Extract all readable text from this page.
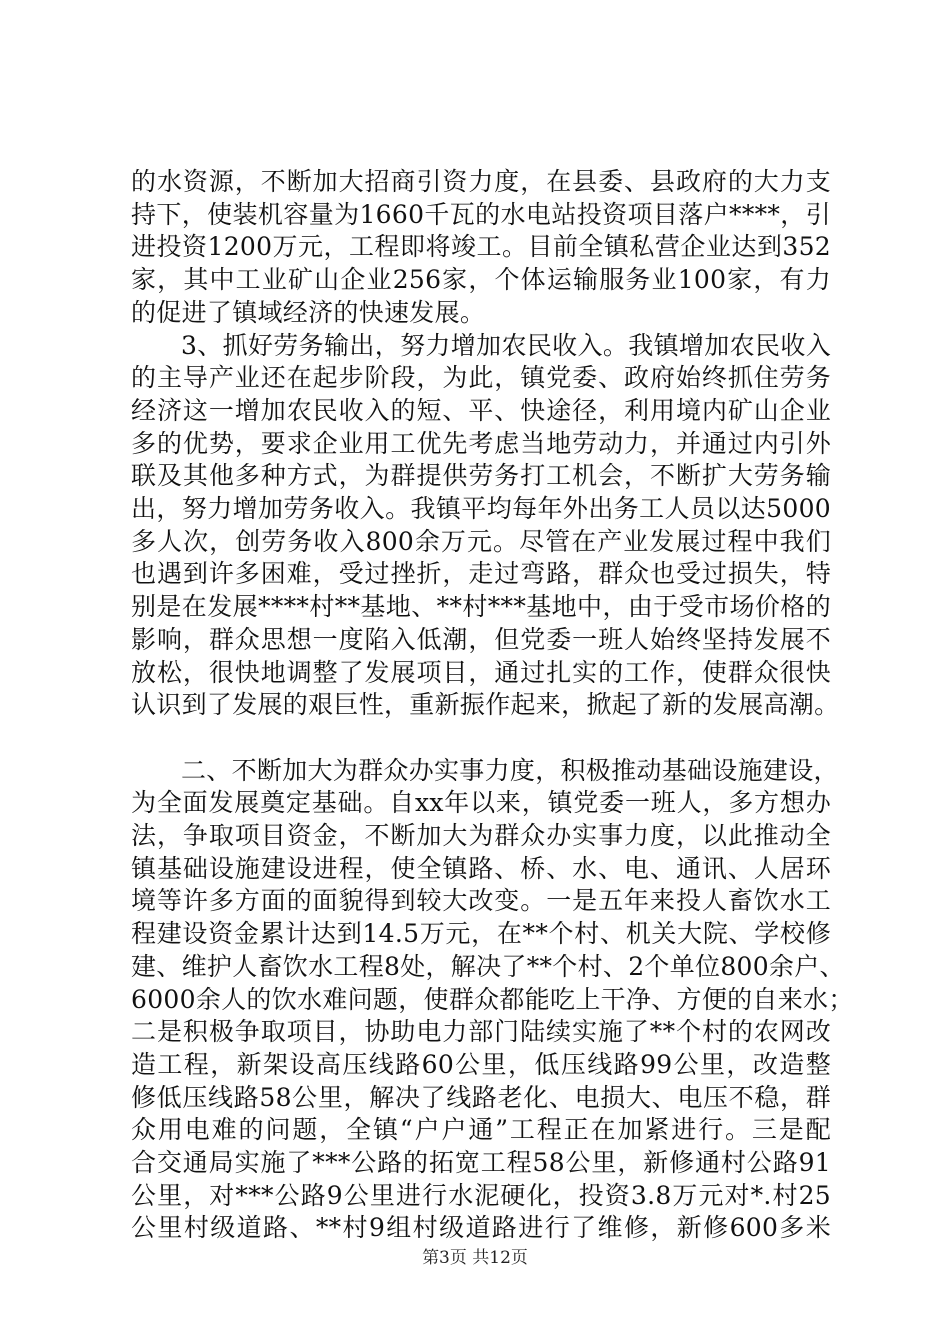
的水资源，不断加大招商引资力度，在县委、县政府的大力支
持下，使装机容量为1660千瓦的水电站投资项目落户****，引
进投资1200万元，工程即将竣工。目前全镇私营企业达到352
家，其中工业矿山企业256家，个体运输服务业100家，有力
的促进了镇域经济的快速发展。
3、抓好劳务输出，努力增加农民收入。我镇增加农民收入
的主导产业还在起步阶段，为此，镇党委、政府始终抓住劳务
经济这一增加农民收入的短、平、快途径，利用境内矿山企业
多的优势，要求企业用工优先考虑当地劳动力，并通过内引外
联及其他多种方式，为群提供劳务打工机会，不断扩大劳务输
出，努力增加劳务收入。我镇平均每年外出务工人员以达5000
多人次，创劳务收入800余万元。尽管在产业发展过程中我们
也遇到许多困难，受过挫折，走过弯路，群众也受过损失，特
别是在发展****村**基地、**村***基地中，由于受市场价格的
影响，群众思想一度陷入低潮，但党委一班人始终坚持发展不
放松，很快地调整了发展项目，通过扎实的工作，使群众很快
认识到了发展的艰巨性，重新振作起来，掀起了新的发展高潮。
二、不断加大为群众办实事力度，积极推动基础设施建设，
为全面发展奠定基础。自xx年以来，镇党委一班人，多方想办
法，争取项目资金，不断加大为群众办实事力度，以此推动全
镇基础设施建设进程，使全镇路、桥、水、电、通讯、人居环
境等许多方面的面貌得到较大改变。一是五年来投人畜饮水工
程建设资金累计达到14.5万元，在**个村、机关大院、学校修
建、维护人畜饮水工程8处，解决了**个村、2个单位800余户、
6000余人的饮水难问题，使群众都能吃上干净、方便的自来水；
二是积极争取项目，协助电力部门陆续实施了**个村的农网改
造工程，新架设高压线路60公里，低压线路99公里，改造整
修低压线路58公里，解决了线路老化、电损大、电压不稳，群
众用电难的问题，全镇“户户通”工程正在加紧进行。三是配
合交通局实施了***公路的拓宽工程58公里，新修通村公路91
公里，对***公路9公里进行水泥硬化，投资3.8万元对*.村25
公里村级道路、**村9组村级道路进行了维修，新修600多米
第3页 共12页
